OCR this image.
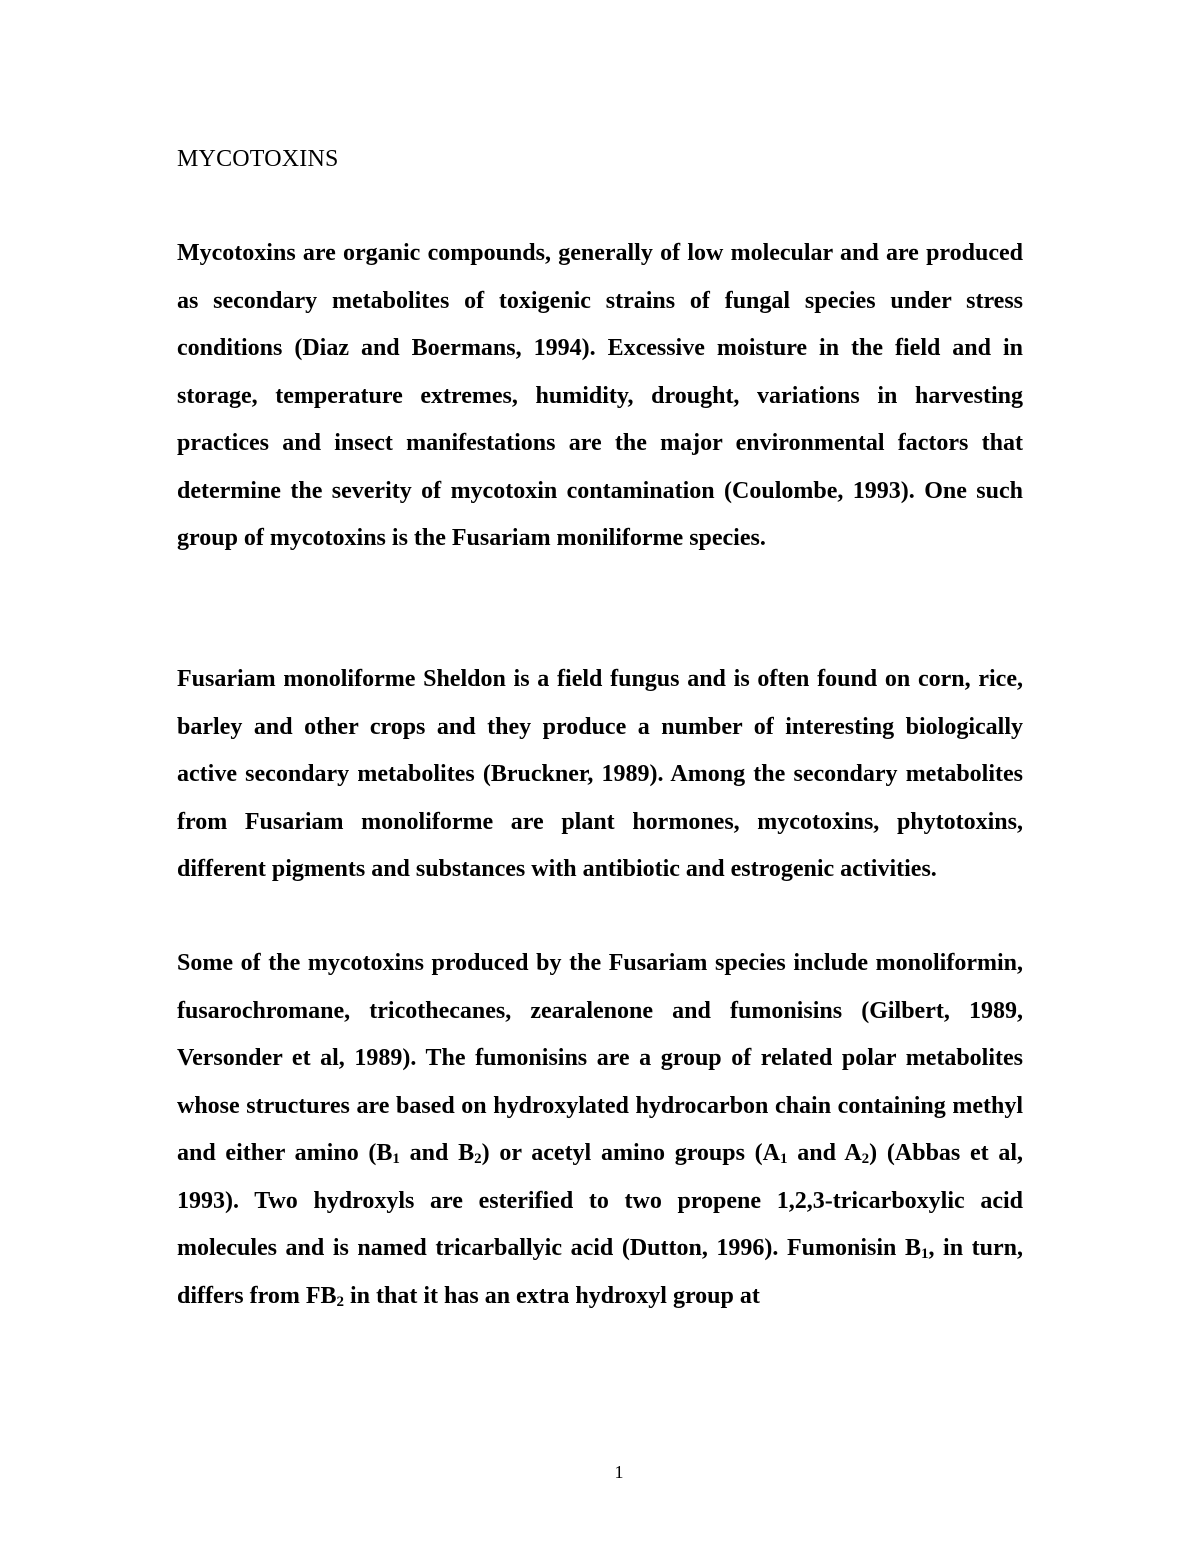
MYCOTOXINS

Mycotoxins are organic compounds, generally of low molecular and are produced as secondary metabolites of toxigenic strains of fungal species under stress conditions (Diaz and Boermans, 1994). Excessive moisture in the field and in storage, temperature extremes, humidity, drought, variations in harvesting practices and insect manifestations are the major environmental factors that determine the severity of mycotoxin contamination (Coulombe, 1993). One such group of mycotoxins is the Fusariam moniliforme species.

Fusariam monoliforme Sheldon is a field fungus and is often found on corn, rice, barley and other crops and they produce a number of interesting biologically active secondary metabolites (Bruckner, 1989). Among the secondary metabolites from Fusariam monoliforme are plant hormones, mycotoxins, phytotoxins, different pigments and substances with antibiotic and estrogenic activities.

Some of the mycotoxins produced by the Fusariam species include monoliformin, fusarochromane, tricothecanes, zearalenone and fumonisins (Gilbert, 1989, Versonder et al, 1989). The fumonisins are a group of related polar metabolites whose structures are based on hydroxylated hydrocarbon chain containing methyl and either amino ($B_1$ and $B_2$) or acetyl amino groups ($A_1$ and $A_2$) (Abbas et al, 1993). Two hydroxyls are esterified to two propene 1,2,3-tricarboxylic acid molecules and is named tricarballyic acid (Dutton, 1996). Fumonisin $B_1$, in turn, differs from $FB_2$ in that it has an extra hydroxyl group at

1
